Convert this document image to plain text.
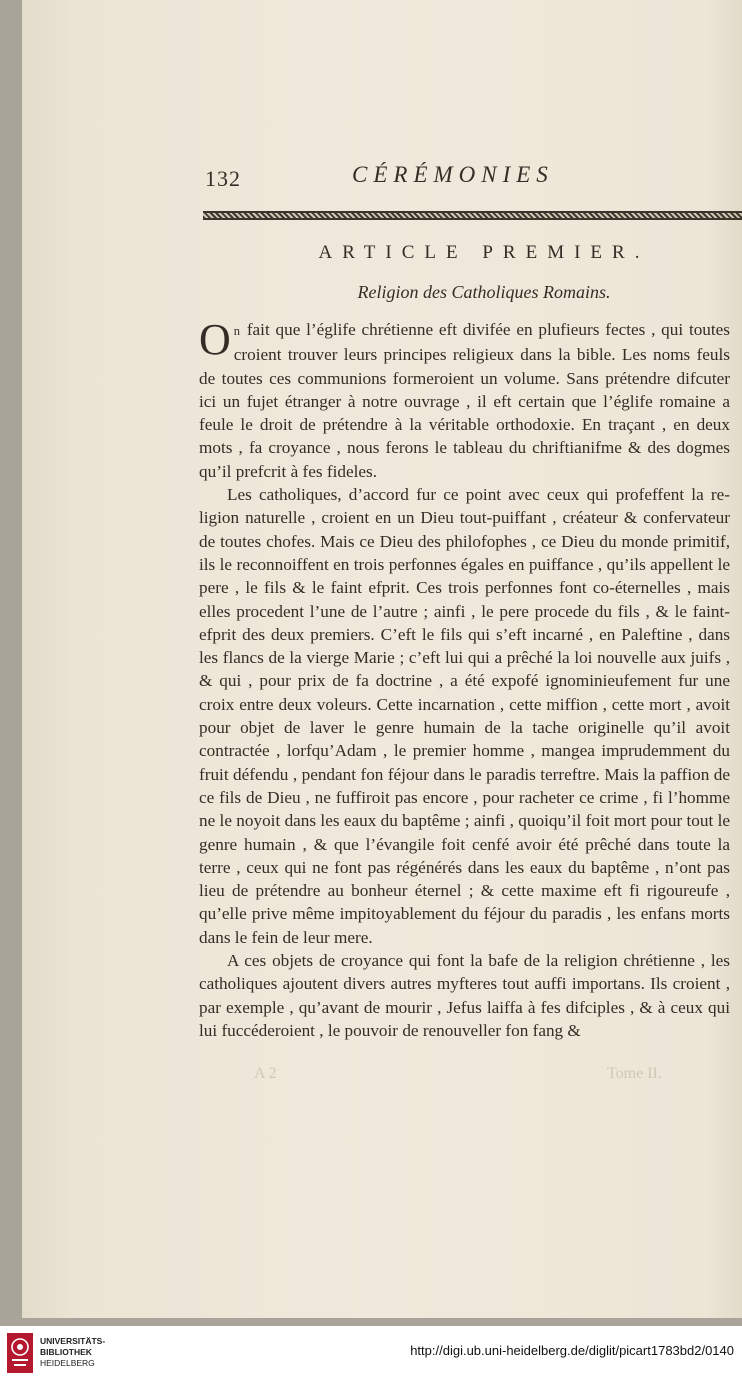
132	CÉRÉMONIES
ARTICLE PREMIER.
Religion des Catholiques Romains.

On fait que l’églife chrétienne eft divifée en plufieurs fectes , qui toutes croient trouver leurs principes religieux dans la bible. Les noms feuls de toutes ces communions formeroient un volume. Sans prétendre difcuter ici un fujet étranger à notre ouvrage , il eft certain que l’églife romaine a feule le droit de prétendre à la véritable orthodoxie. En traçant , en deux mots , fa croyance , nous ferons le tableau du chriftianifme & des dogmes qu’il prefcrit à fes fideles.

Les catholiques, d’accord fur ce point avec ceux qui profeffent la religion naturelle , croient en un Dieu tout-puiffant , créateur & confervateur de toutes chofes. Mais ce Dieu des philofophes , ce Dieu du monde primitif, ils le reconnoiffent en trois perfonnes égales en puiffance , qu’ils appellent le pere , le fils & le faint efprit. Ces trois perfonnes font co-éternelles , mais elles procedent l’une de l’autre ; ainfi , le pere procede du fils , & le faint-efprit des deux premiers. C’eft le fils qui s’eft incarné , en Paleftine , dans les flancs de la vierge Marie ; c’eft lui qui a prêché la loi nouvelle aux juifs , & qui , pour prix de fa doctrine , a été expofé ignominieufement fur une croix entre deux voleurs. Cette incarnation , cette miffion , cette mort , avoit pour objet de laver le genre humain de la tache originelle qu’il avoit contractée , lorfqu’Adam , le premier homme , mangea imprudemment du fruit défendu , pendant fon féjour dans le paradis terreftre. Mais la paffion de ce fils de Dieu , ne fuffiroit pas encore , pour racheter ce crime , fi l’homme ne le noyoit dans les eaux du baptême ; ainfi , quoiqu’il foit mort pour tout le genre humain , & que l’évangile foit cenfé avoir été prêché dans toute la terre , ceux qui ne font pas régénérés dans les eaux du baptême , n’ont pas lieu de prétendre au bonheur éternel ; & cette maxime eft fi rigoureufe , qu’elle prive même impitoyablement du féjour du paradis , les enfans morts dans le fein de leur mere.

A ces objets de croyance qui font la bafe de la religion chrétienne , les catholiques ajoutent divers autres myfteres tout auffi importans. Ils croient , par exemple , qu’avant de mourir , Jefus laiffa à fes difciples , & à ceux qui lui fuccéderoient , le pouvoir de renouveller fon fang &

A 2	Tome II.
UNIVERSITÄTS-
BIBLIOTHEK
HEIDELBERG
http://digi.ub.uni-heidelberg.de/diglit/picart1783bd2/0140
